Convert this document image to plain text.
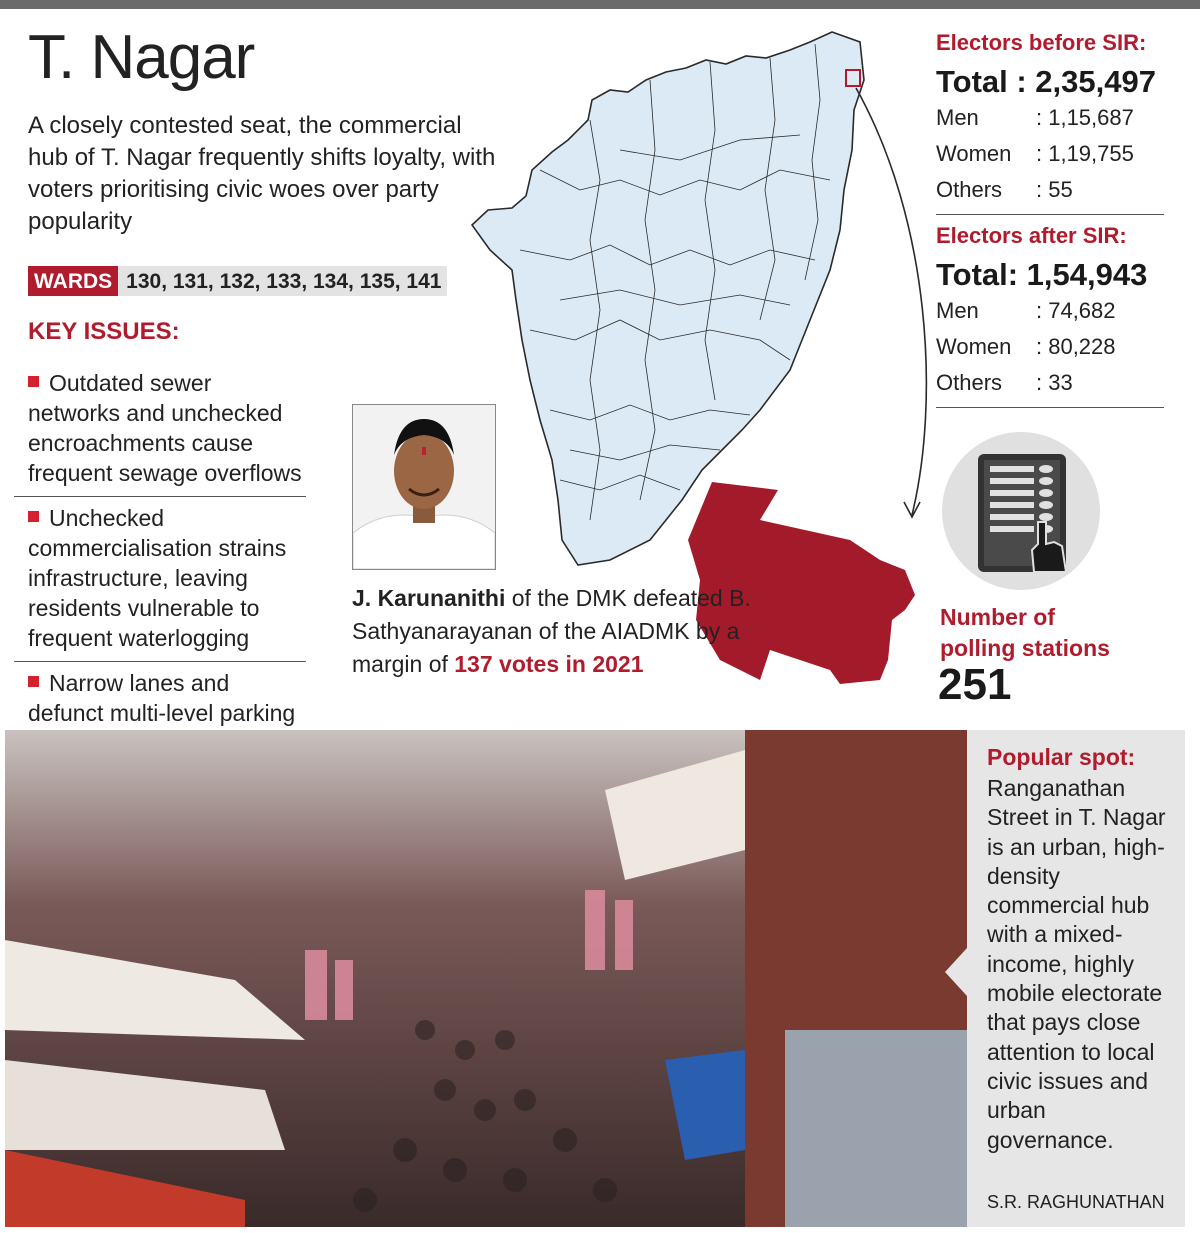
T. Nagar
A closely contested seat, the commercial hub of T. Nagar frequently shifts loyalty, with voters prioritising civic woes over party popularity
WARDS 130, 131, 132, 133, 134, 135, 141
KEY ISSUES:
Outdated sewer networks and unchecked encroachments cause frequent sewage overflows
Unchecked commercialisation strains infrastructure, leaving residents vulnerable to frequent waterlogging
Narrow lanes and defunct multi-level parking
J. Karunanithi of the DMK defeated B. Sathyanarayanan of the AIADMK by a margin of 137 votes in 2021
Electors before SIR:
Total : 2,35,497
Men	: 1,15,687
Women	: 1,19,755
Others	: 55
Electors after SIR:
Total: 1,54,943
Men	: 74,682
Women	: 80,228
Others	: 33
Number of
polling stations
251
Popular spot:
Ranganathan Street in T. Nagar is an urban, high-density commercial hub with a mixed-income, highly mobile electorate that pays close attention to local civic issues and urban governance.
S.R. RAGHUNATHAN
